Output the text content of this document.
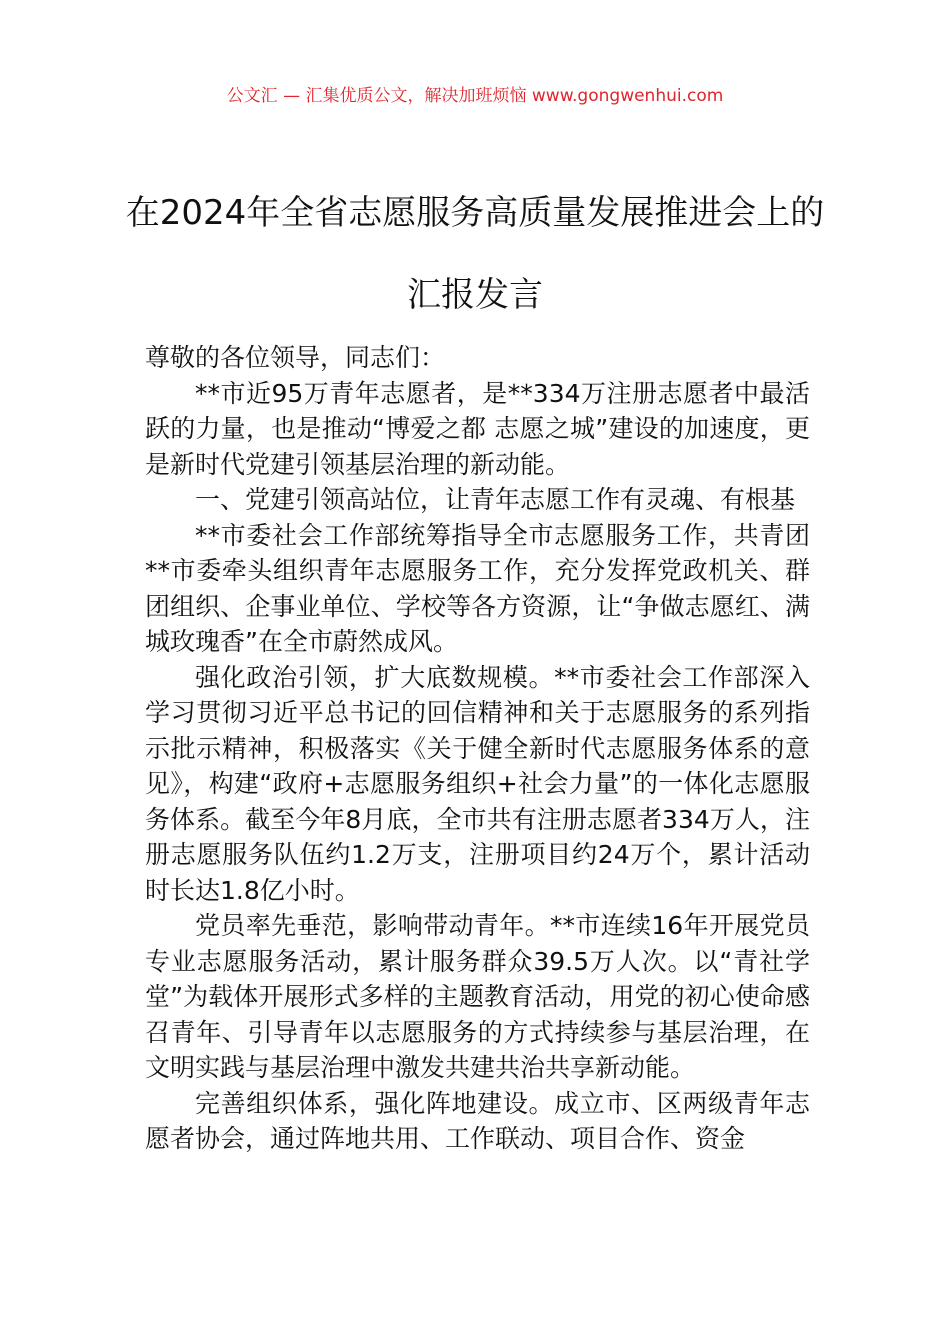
公文汇 — 汇集优质公文，解决加班烦恼 www.gongwenhui.com
在2024年全省志愿服务高质量发展推进会上的汇报发言

尊敬的各位领导，同志们：

**市近95万青年志愿者，是**334万注册志愿者中最活跃的力量，也是推动“博爱之都 志愿之城”建设的加速度，更是新时代党建引领基层治理的新动能。

一、党建引领高站位，让青年志愿工作有灵魂、有根基

**市委社会工作部统筹指导全市志愿服务工作，共青团**市委牵头组织青年志愿服务工作，充分发挥党政机关、群团组织、企事业单位、学校等各方资源，让“争做志愿红、满城玫瑰香”在全市蔚然成风。

强化政治引领，扩大底数规模。**市委社会工作部深入学习贯彻习近平总书记的回信精神和关于志愿服务的系列指示批示精神，积极落实《关于健全新时代志愿服务体系的意见》，构建“政府+志愿服务组织+社会力量”的一体化志愿服务体系。截至今年8月底，全市共有注册志愿者334万人，注册志愿服务队伍约1.2万支，注册项目约24万个，累计活动时长达1.8亿小时。

党员率先垂范，影响带动青年。**市连续16年开展党员专业志愿服务活动，累计服务群众39.5万人次。以“青社学堂”为载体开展形式多样的主题教育活动，用党的初心使命感召青年、引导青年以志愿服务的方式持续参与基层治理，在文明实践与基层治理中激发共建共治共享新动能。

完善组织体系，强化阵地建设。成立市、区两级青年志愿者协会，通过阵地共用、工作联动、项目合作、资金
